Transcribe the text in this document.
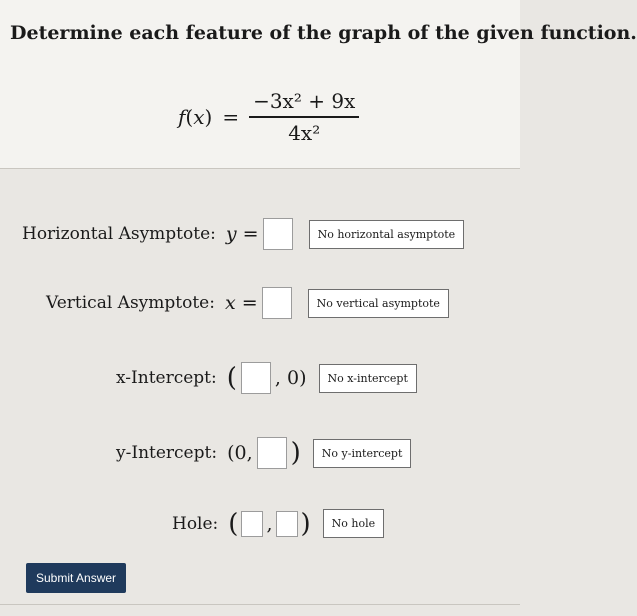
Determine each feature of the graph of the given function.
$f(x) = \frac{\text{−3x² + 9x}}{\text{4x²}}$
Horizontal Asymptote: y =	No horizontal asymptote
Vertical Asymptote: x =	No vertical asymptote
x-Intercept: ( , 0)	No x-intercept
y-Intercept: (0, )	No y-intercept
Hole: ( , )	No hole
Submit Answer
